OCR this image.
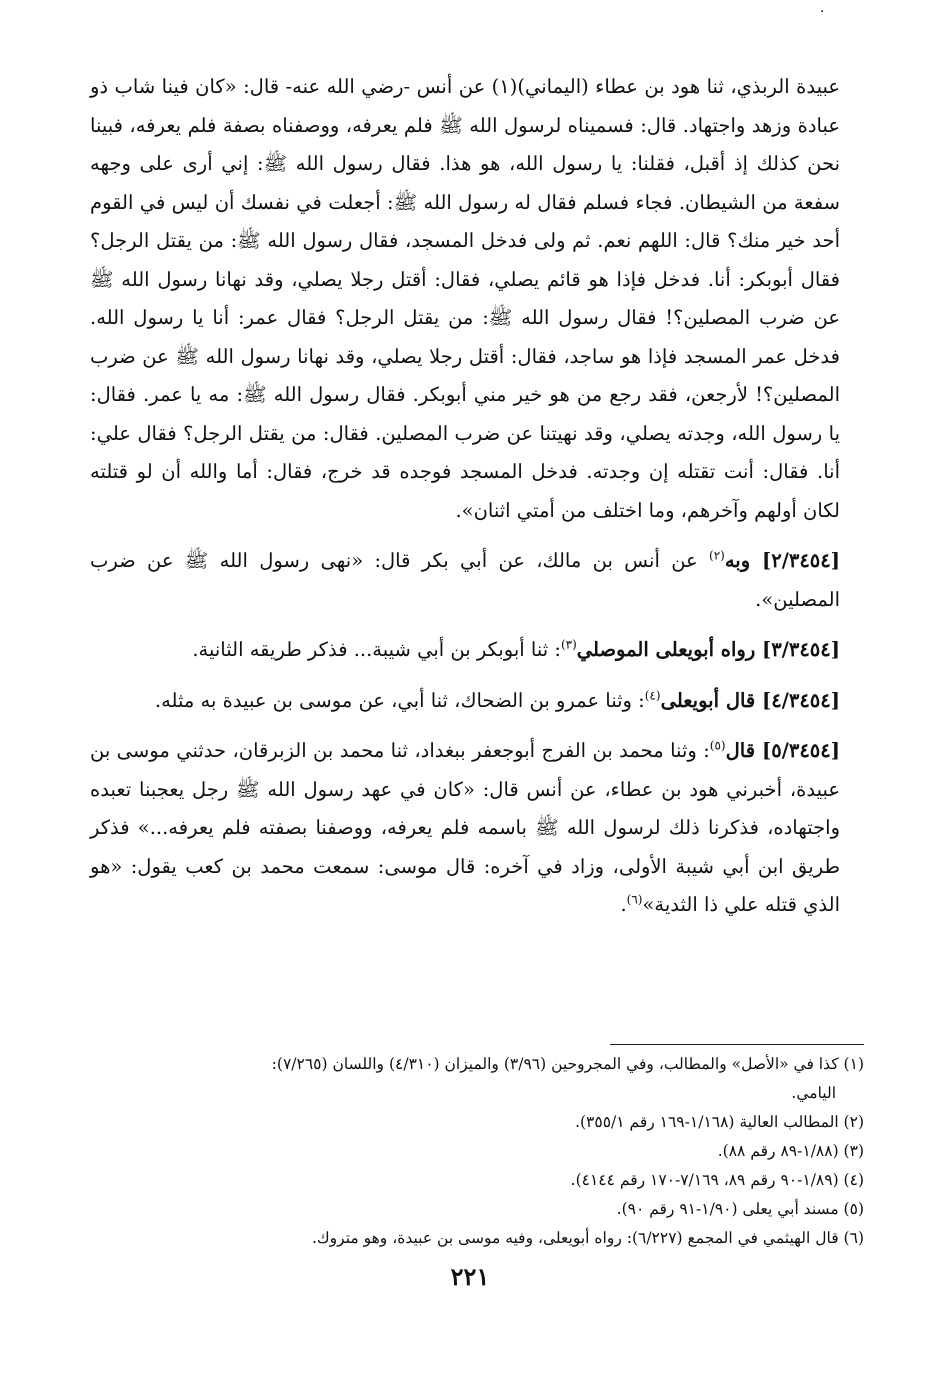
·

عبيدة الربذي، ثنا هود بن عطاء (اليماني)(١) عن أنس -رضي الله عنه- قال: «كان فينا شاب ذو عبادة وزهد واجتهاد. قال: فسميناه لرسول الله ﷺ فلم يعرفه، ووصفناه بصفة فلم يعرفه، فبينا نحن كذلك إذ أقبل، فقلنا: يا رسول الله، هو هذا. فقال رسول الله ﷺ: إني أرى على وجهه سفعة من الشيطان. فجاء فسلم فقال له رسول الله ﷺ: أجعلت في نفسك أن ليس في القوم أحد خير منك؟ قال: اللهم نعم. ثم ولى فدخل المسجد، فقال رسول الله ﷺ: من يقتل الرجل؟ فقال أبوبكر: أنا. فدخل فإذا هو قائم يصلي، فقال: أقتل رجلا يصلي، وقد نهانا رسول الله ﷺ عن ضرب المصلين؟! فقال رسول الله ﷺ: من يقتل الرجل؟ فقال عمر: أنا يا رسول الله. فدخل عمر المسجد فإذا هو ساجد، فقال: أقتل رجلا يصلي، وقد نهانا رسول الله ﷺ عن ضرب المصلين؟! لأرجعن، فقد رجع من هو خير مني أبوبكر. فقال رسول الله ﷺ: مه يا عمر. فقال: يا رسول الله، وجدته يصلي، وقد نهيتنا عن ضرب المصلين. فقال: من يقتل الرجل؟ فقال علي: أنا. فقال: أنت تقتله إن وجدته. فدخل المسجد فوجده قد خرج، فقال: أما والله أن لو قتلته لكان أولهم وآخرهم، وما اختلف من أمتي اثنان».

[٢/٣٤٥٤] وبه$^{(٢)}$ عن أنس بن مالك، عن أبي بكر قال: «نهى رسول الله ﷺ عن ضرب المصلين».

[٣/٣٤٥٤] رواه أبويعلى الموصلي$^{(٣)}$: ثنا أبوبكر بن أبي شيبة... فذكر طريقه الثانية.

[٤/٣٤٥٤] قال أبويعلى$^{(٤)}$: وثنا عمرو بن الضحاك، ثنا أبي، عن موسى بن عبيدة به مثله.

[٥/٣٤٥٤] قال$^{(٥)}$: وثنا محمد بن الفرج أبوجعفر ببغداد، ثنا محمد بن الزبرقان، حدثني موسى بن عبيدة، أخبرني هود بن عطاء، عن أنس قال: «كان في عهد رسول الله ﷺ رجل يعجبنا تعبده واجتهاده، فذكرنا ذلك لرسول الله ﷺ باسمه فلم يعرفه، ووصفنا بصفته فلم يعرفه...» فذكر طريق ابن أبي شيبة الأولى، وزاد في آخره: قال موسى: سمعت محمد بن كعب يقول: «هو الذي قتله علي ذا الثدية»$^{(٦)}$.

(١) كذا في «الأصل» والمطالب، وفي المجروحين (٣/٩٦) والميزان (٤/٣١٠) واللسان (٧/٢٦٥):
اليامي.

(٢) المطالب العالية (١/١٦٨-١٦٩ رقم ٣٥٥/١).

(٣) (١/٨٨-٨٩ رقم ٨٨).

(٤) (١/٨٩-٩٠ رقم ٨٩، ٧/١٦٩-١٧٠ رقم ٤١٤٤).

(٥) مسند أبي يعلى (١/٩٠-٩١ رقم ٩٠).

(٦) قال الهيثمي في المجمع (٦/٢٢٧): رواه أبويعلى، وفيه موسى بن عبيدة، وهو متروك.

٢٢١
